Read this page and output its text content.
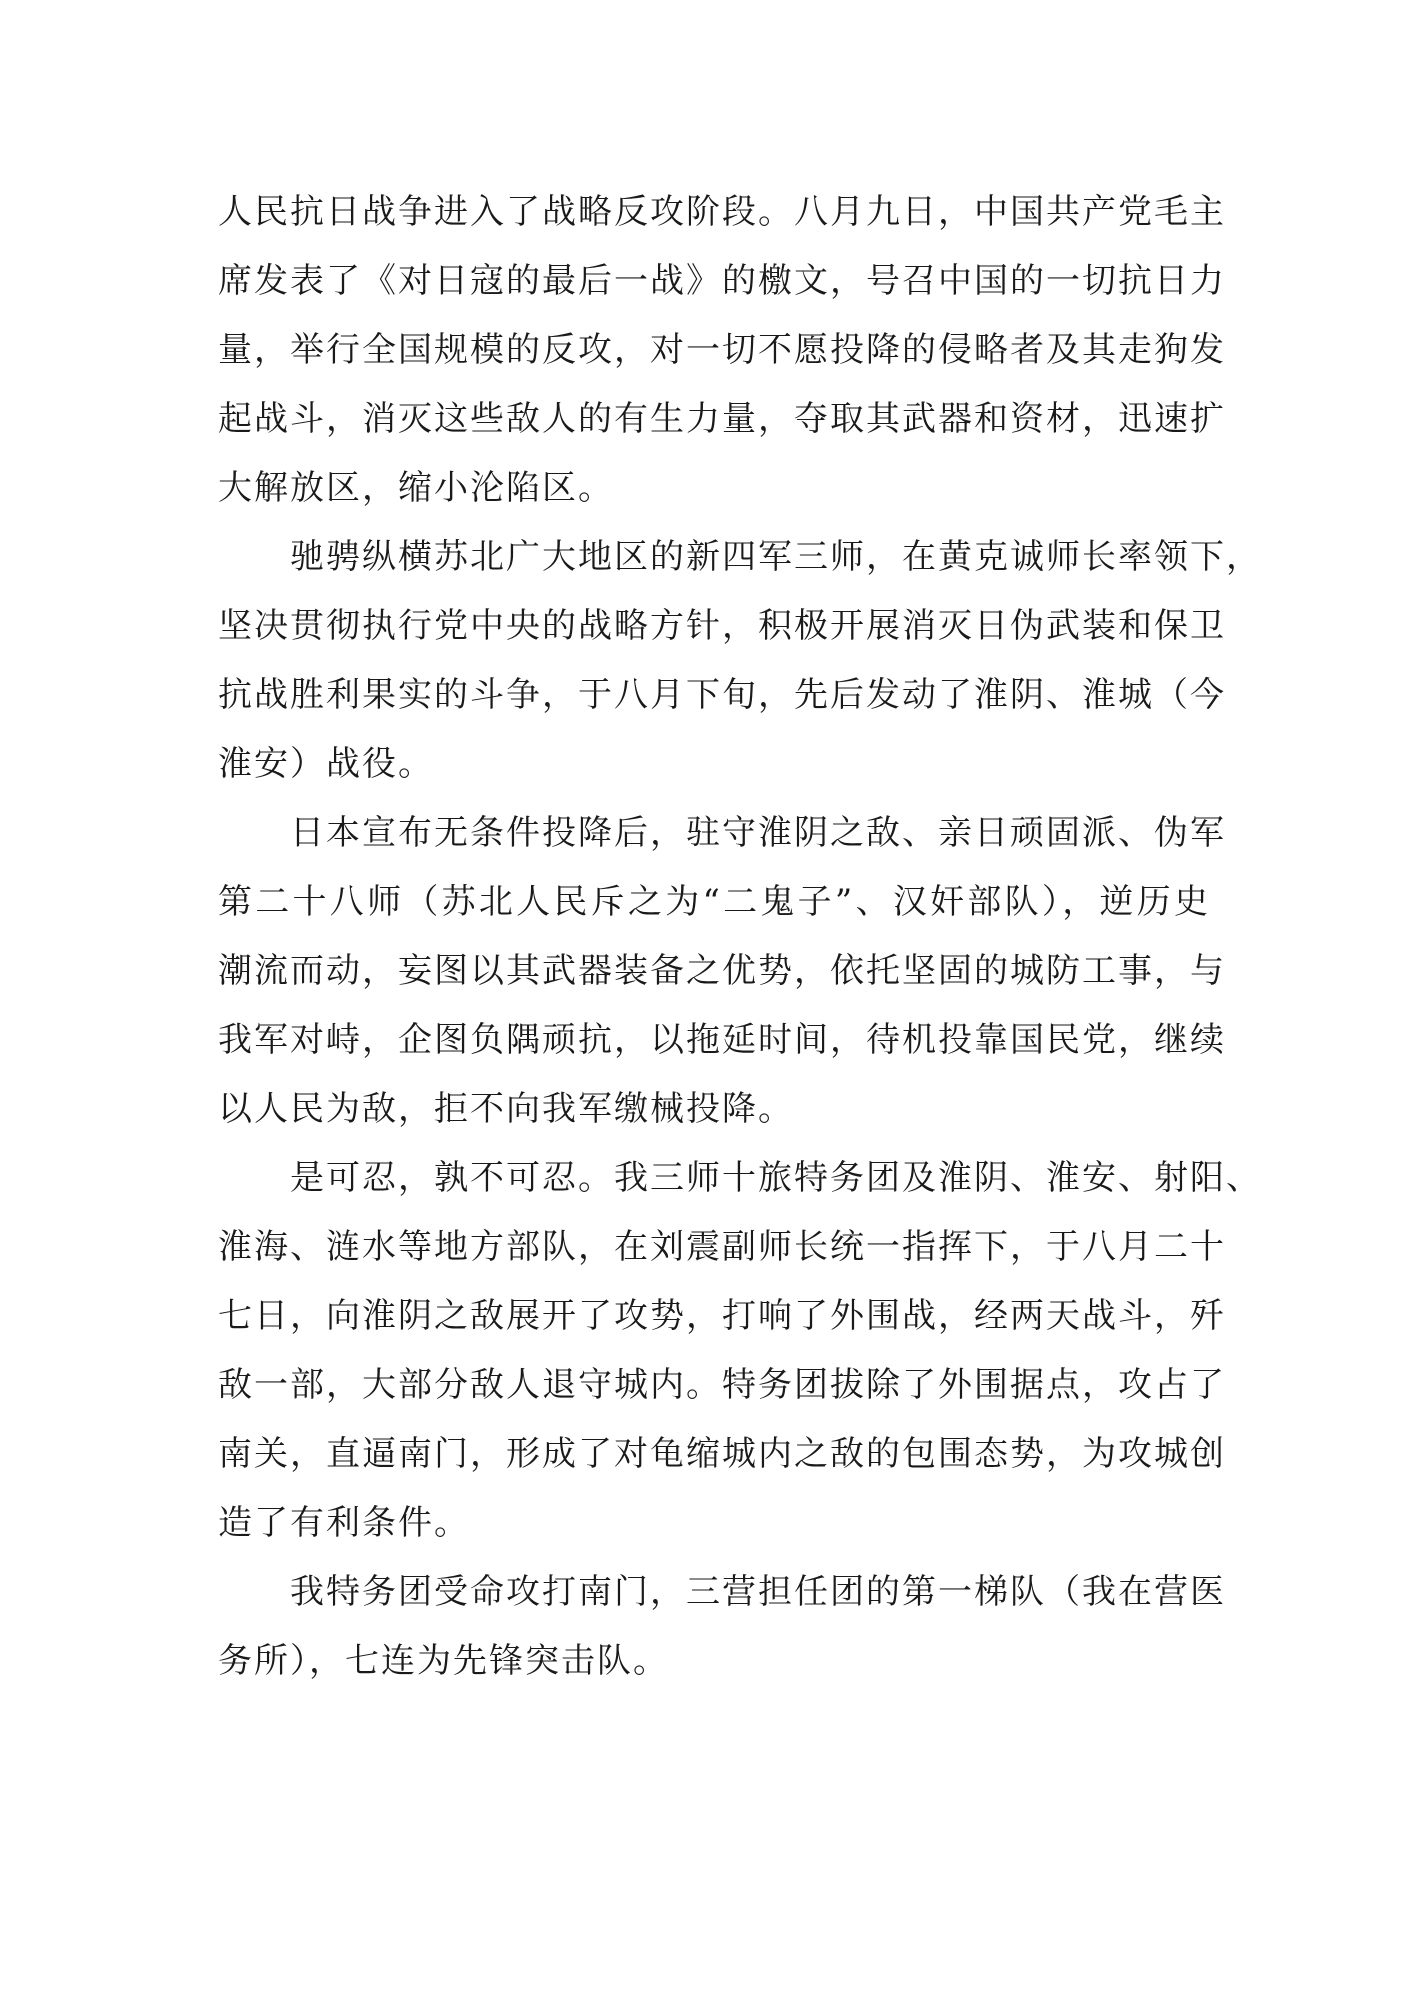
人民抗日战争进入了战略反攻阶段。八月九日，中国共产党毛主
席发表了《对日寇的最后一战》的檄文，号召中国的一切抗日力
量，举行全国规模的反攻，对一切不愿投降的侵略者及其走狗发
起战斗，消灭这些敌人的有生力量，夺取其武器和资材，迅速扩
大解放区，缩小沦陷区。
驰骋纵横苏北广大地区的新四军三师，在黄克诚师长率领下，
坚决贯彻执行党中央的战略方针，积极开展消灭日伪武装和保卫
抗战胜利果实的斗争，于八月下旬，先后发动了淮阴、淮城（今
淮安）战役。
日本宣布无条件投降后，驻守淮阴之敌、亲日顽固派、伪军
第二十八师（苏北人民斥之为“二鬼子”、汉奸部队），逆历史
潮流而动，妄图以其武器装备之优势，依托坚固的城防工事，与
我军对峙，企图负隅顽抗，以拖延时间，待机投靠国民党，继续
以人民为敌，拒不向我军缴械投降。
是可忍，孰不可忍。我三师十旅特务团及淮阴、淮安、射阳、
淮海、涟水等地方部队，在刘震副师长统一指挥下，于八月二十
七日，向淮阴之敌展开了攻势，打响了外围战，经两天战斗，歼
敌一部，大部分敌人退守城内。特务团拔除了外围据点，攻占了
南关，直逼南门，形成了对龟缩城内之敌的包围态势，为攻城创
造了有利条件。
我特务团受命攻打南门，三营担任团的第一梯队（我在营医
务所），七连为先锋突击队。
